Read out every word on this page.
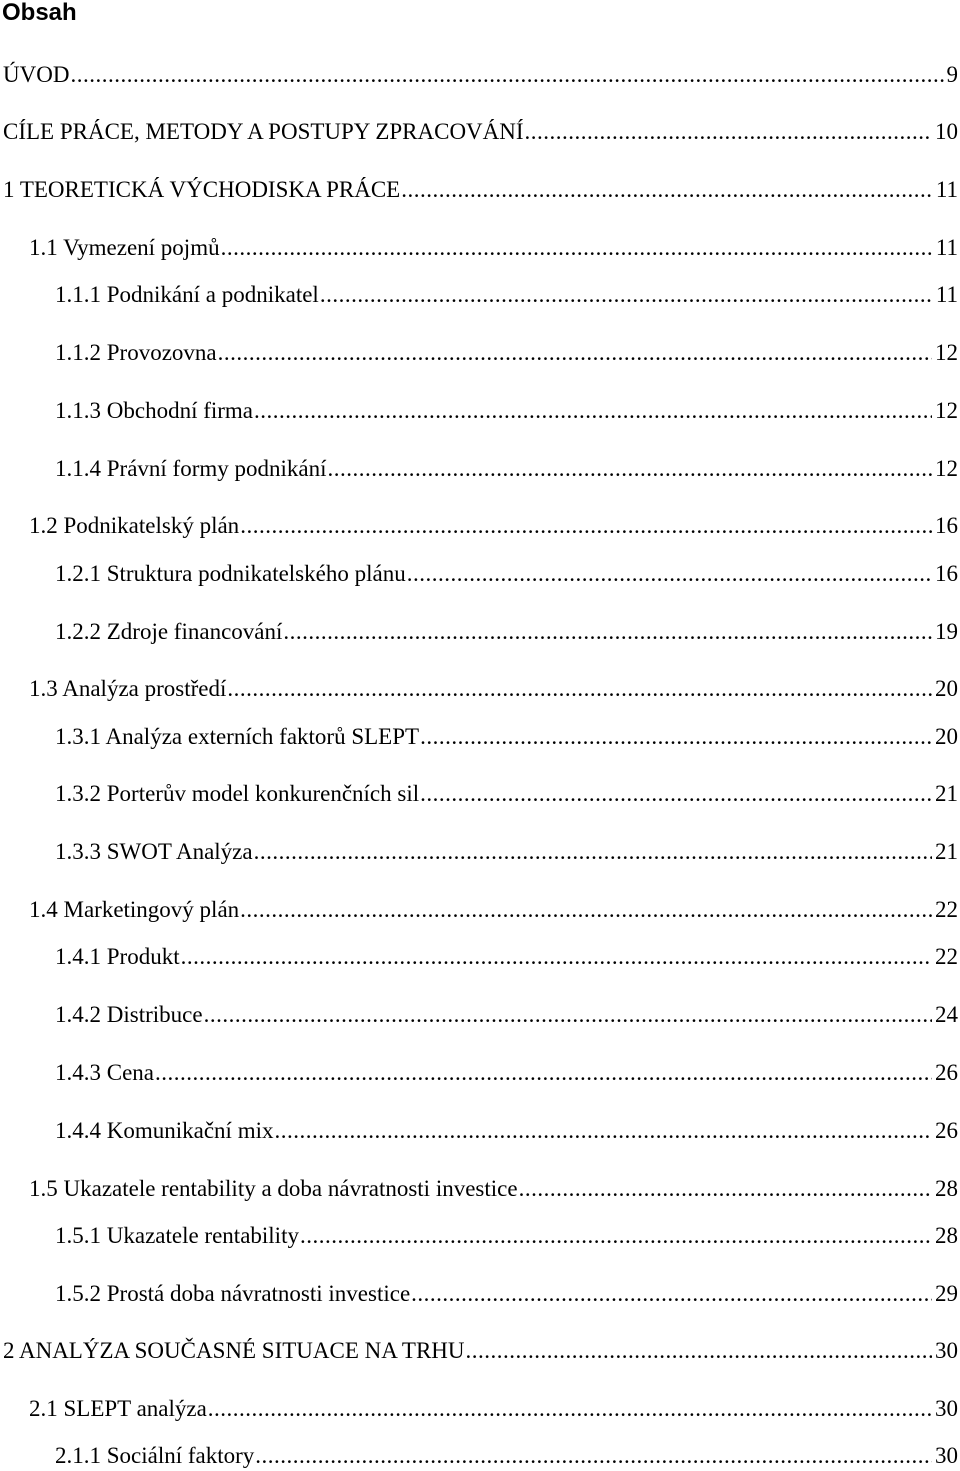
Obsah
ÚVOD .....	9
CÍLE PRÁCE, METODY A POSTUPY ZPRACOVÁNÍ .....	10
1 TEORETICKÁ VÝCHODISKA PRÁCE .....	11
1.1 Vymezení pojmů .....	11
1.1.1 Podnikání a podnikatel .....	11
1.1.2 Provozovna .....	12
1.1.3 Obchodní firma .....	12
1.1.4 Právní formy podnikání .....	12
1.2 Podnikatelský plán .....	16
1.2.1 Struktura podnikatelského plánu .....	16
1.2.2 Zdroje financování .....	19
1.3 Analýza prostředí .....	20
1.3.1 Analýza externích faktorů SLEPT .....	20
1.3.2 Porterův model konkurenčních sil .....	21
1.3.3 SWOT Analýza .....	21
1.4 Marketingový plán .....	22
1.4.1 Produkt .....	22
1.4.2 Distribuce .....	24
1.4.3 Cena .....	26
1.4.4 Komunikační mix .....	26
1.5 Ukazatele rentability a doba návratnosti investice .....	28
1.5.1 Ukazatele rentability .....	28
1.5.2 Prostá doba návratnosti investice .....	29
2 ANALÝZA SOUČASNÉ SITUACE NA TRHU .....	30
2.1 SLEPT analýza .....	30
2.1.1 Sociální faktory .....	30
